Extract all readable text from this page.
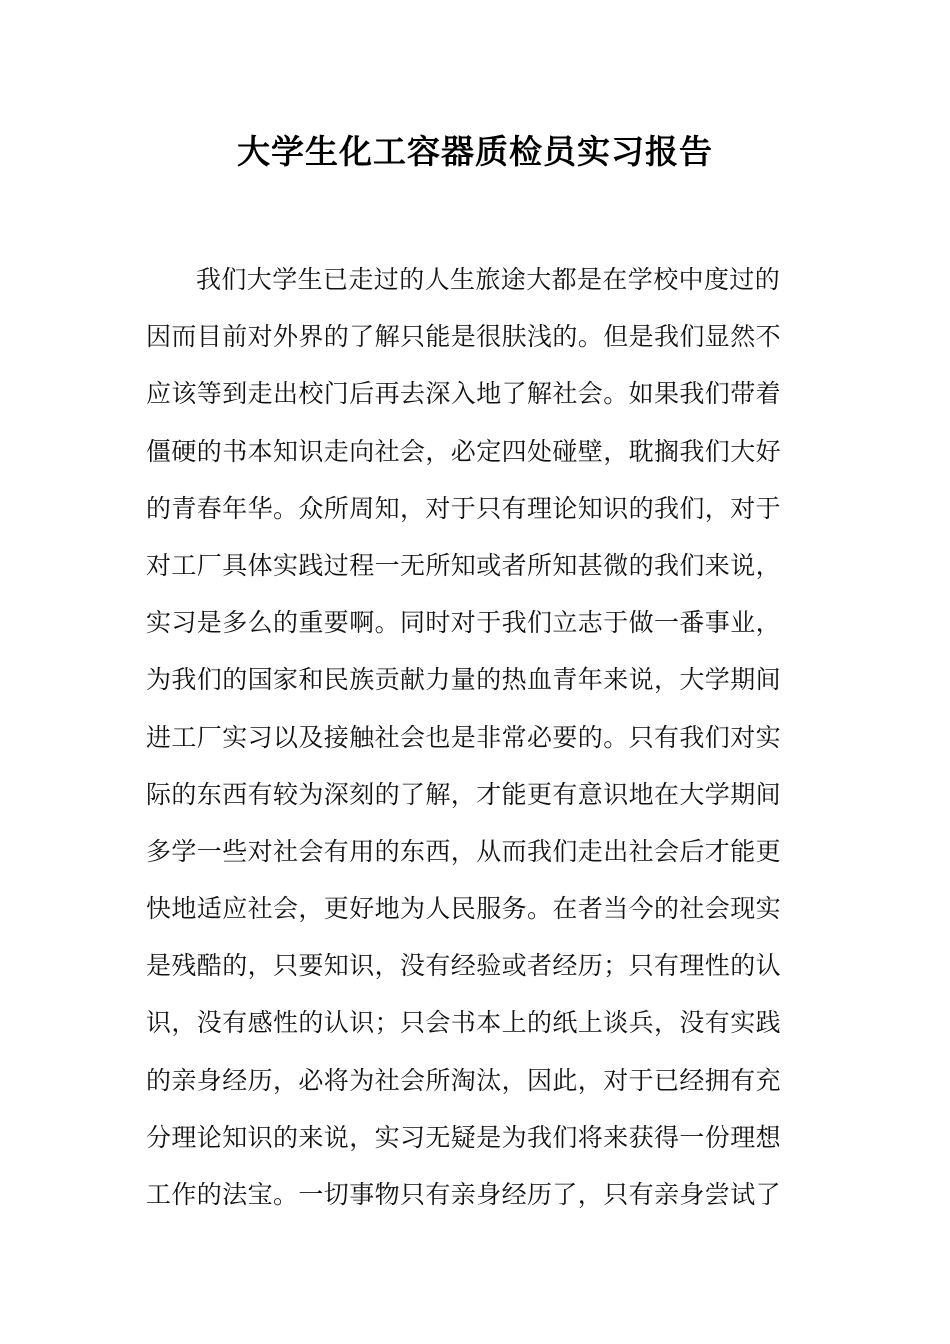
大学生化工容器质检员实习报告
我们大学生已走过的人生旅途大都是在学校中度过的
因而目前对外界的了解只能是很肤浅的。但是我们显然不
应该等到走出校门后再去深入地了解社会。如果我们带着
僵硬的书本知识走向社会，必定四处碰壁，耽搁我们大好
的青春年华。众所周知，对于只有理论知识的我们，对于
对工厂具体实践过程一无所知或者所知甚微的我们来说，
实习是多么的重要啊。同时对于我们立志于做一番事业，
为我们的国家和民族贡献力量的热血青年来说，大学期间
进工厂实习以及接触社会也是非常必要的。只有我们对实
际的东西有较为深刻的了解，才能更有意识地在大学期间
多学一些对社会有用的东西，从而我们走出社会后才能更
快地适应社会，更好地为人民服务。在者当今的社会现实
是残酷的，只要知识，没有经验或者经历；只有理性的认
识，没有感性的认识；只会书本上的纸上谈兵，没有实践
的亲身经历，必将为社会所淘汰，因此，对于已经拥有充
分理论知识的来说，实习无疑是为我们将来获得一份理想
工作的法宝。一切事物只有亲身经历了，只有亲身尝试了
